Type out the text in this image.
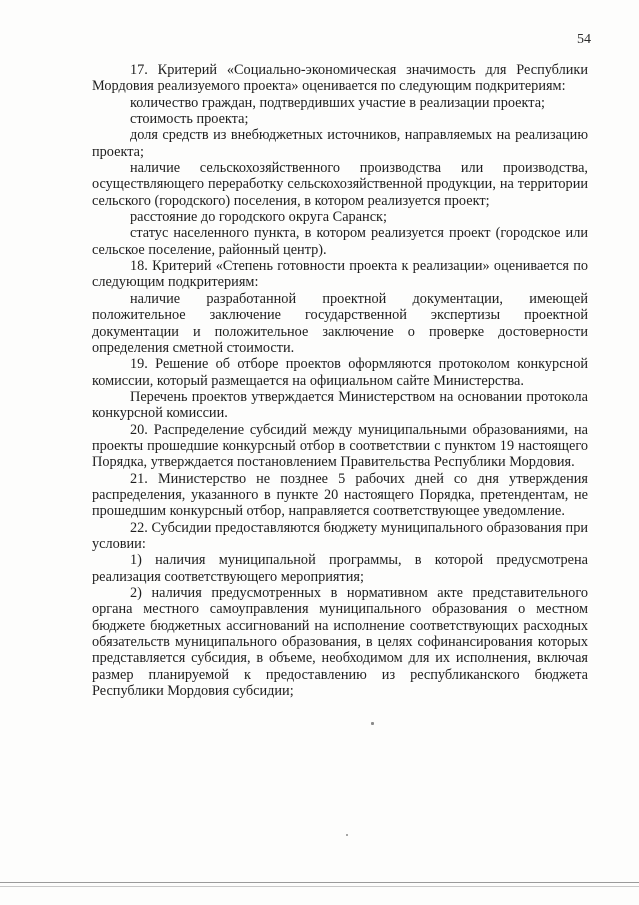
54

17. Критерий «Социально-экономическая значимость для Республики Мордовия реализуемого проекта» оценивается по следующим подкритериям:

количество граждан, подтвердивших участие в реализации проекта;

стоимость проекта;

доля средств из внебюджетных источников, направляемых на реализацию проекта;

наличие сельскохозяйственного производства или производства, осуществляющего переработку сельскохозяйственной продукции, на территории сельского (городского) поселения, в котором реализуется проект;

расстояние до городского округа Саранск;

статус населенного пункта, в котором реализуется проект (городское или сельское поселение, районный центр).

18. Критерий «Степень готовности проекта к реализации» оценивается по следующим подкритериям:

наличие разработанной проектной документации, имеющей положительное заключение государственной экспертизы проектной документации и положительное заключение о проверке достоверности определения сметной стоимости.

19. Решение об отборе проектов оформляются протоколом конкурсной комиссии, который размещается на официальном сайте Министерства.

Перечень проектов утверждается Министерством на основании протокола конкурсной комиссии.

20. Распределение субсидий между муниципальными образованиями, на проекты прошедшие конкурсный отбор в соответствии с пунктом 19 настоящего Порядка, утверждается постановлением Правительства Республики Мордовия.

21. Министерство не позднее 5 рабочих дней со дня утверждения распределения, указанного в пункте 20 настоящего Порядка, претендентам, не прошедшим конкурсный отбор, направляется соответствующее уведомление.

22. Субсидии предоставляются бюджету муниципального образования при условии:

1) наличия муниципальной программы, в которой предусмотрена реализация соответствующего мероприятия;

2) наличия предусмотренных в нормативном акте представительного органа местного самоуправления муниципального образования о местном бюджете бюджетных ассигнований на исполнение соответствующих расходных обязательств муниципального образования, в целях софинансирования которых представляется субсидия, в объеме, необходимом для их исполнения, включая размер планируемой к предоставлению из республиканского бюджета Республики Мордовия субсидии;
